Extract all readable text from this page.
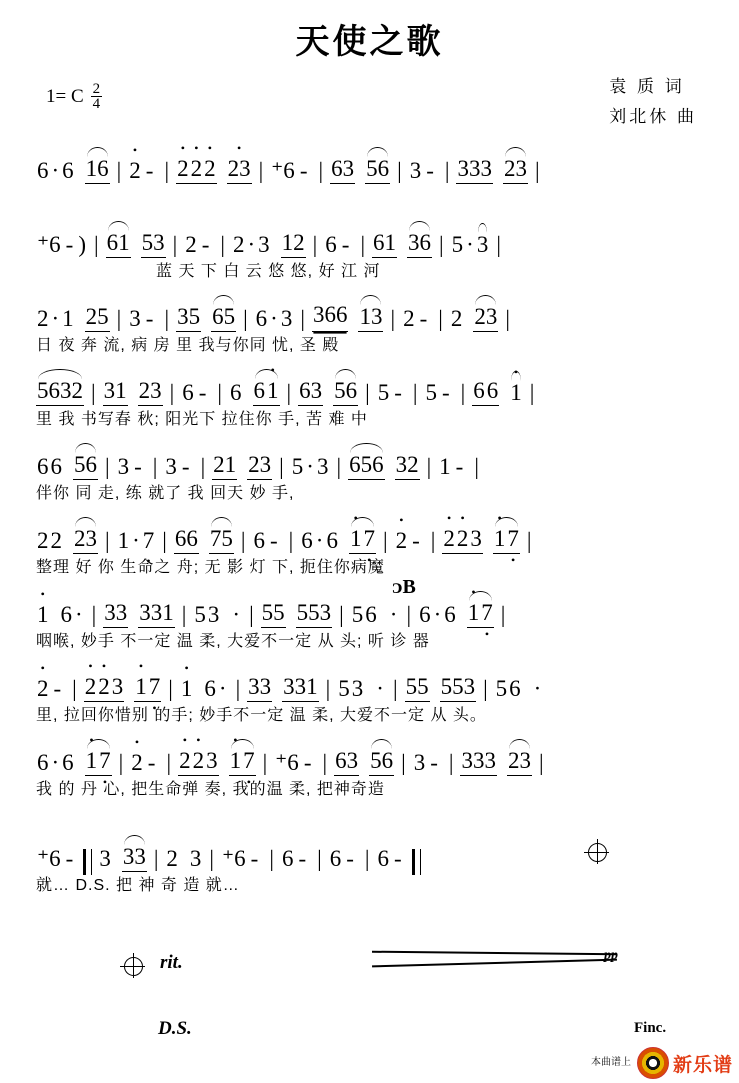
天使之歌
袁 质 词
刘北休 曲
1= C $\frac{2}{4}$
6 · 6 16 | • 2 - | • 2 • 2 • 2 • 23 | ⁺6 - | 63 56 | 3 - | 333 23 |
⁺6 - ) | 61 53 | 2 - | 2 · 3 12 | 6 - | 61 36 | 5 · 3 |
蓝 天 下 白 云 悠 悠, 好 江 河
2 · 1 25 | 3 - | 35 65 | 6 · 3 | 366 13 | 2 - | 2 23 |
日 夜 奔 流, 病 房 里 我与你同 忧, 圣 殿
5632 | 31 23 | 6 - | 6 6• 1 | 63 56 | 5 - | 5 - | 6 6 • 1 |
里 我 书写春 秋; 阳光下 拉住你 手, 苦 难 中
6 6 56 | 3 - | 3 - | 21 23 | 5 · 3 | 656 32 | 1 - |
伴你 同 走, 练 就了 我 回天 妙 手,
2 2 23 | 1 · 7 • | 66 75 | 6 - | 6 · 6 • 17 • | • 2 - | • 2 • 2 3 • 17 • |
整理 好 你 生命之 舟; 无 影 灯 下, 扼住你病魔
• 1 6 · | 33 331 | 5 3 · | 55 553 | 5 6 · | 6 · 6 • 17 • |
咽喉, 妙手 不一定 温 柔, 大爱不一定 从 头; 听 诊 器
• 2 - | • 2 • 2 3 • 1 7 • | • 1 6 · | 33 331 | 5 3 · | 55 553 | 5 6 ·
里, 拉回你惜别 的手; 妙手不一定 温 柔, 大爱不一定 从 头。
6 · 6 • 17 • | • 2 - | • 2 • 2 3 • 17 • | ⁺6 - | 63 56 | 3 - | 333 23 |
我 的 丹 心, 把生命弹 奏, 我的温 柔, 把神奇造
⁺6 - 3 33 | 2 3 | ⁺6 - | 6 - | 6 - | 6 -
就… D.S. 把 神 奇 造 就…
ᴐB
rit.
D.S.
pp
Finc.
本曲谱上 新乐谱
